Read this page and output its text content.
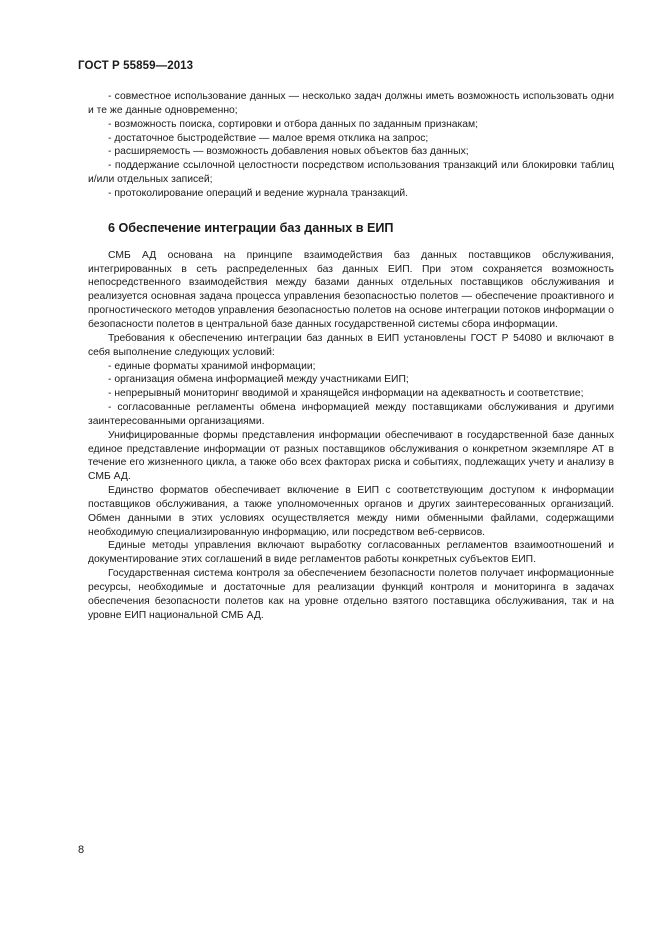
ГОСТ Р 55859—2013

- совместное использование данных — несколько задач должны иметь возможность использовать одни и те же данные одновременно;

- возможность поиска, сортировки и отбора данных по заданным признакам;

- достаточное быстродействие — малое время отклика на запрос;

- расширяемость — возможность добавления новых объектов баз данных;

- поддержание ссылочной целостности посредством использования транзакций или блокировки таблиц и/или отдельных записей;

- протоколирование операций и ведение журнала транзакций.

6 Обеспечение интеграции баз данных в ЕИП

СМБ АД основана на принципе взаимодействия баз данных поставщиков обслуживания, интегрированных в сеть распределенных баз данных ЕИП. При этом сохраняется возможность непосредственного взаимодействия между базами данных отдельных поставщиков обслуживания и реализуется основная задача процесса управления безопасностью полетов — обеспечение проактивного и прогностического методов управления безопасностью полетов на основе интеграции потоков информации о безопасности полетов в центральной базе данных государственной системы сбора информации.

Требования к обеспечению интеграции баз данных в ЕИП установлены ГОСТ Р 54080 и включают в себя выполнение следующих условий:

- единые форматы хранимой информации;

- организация обмена информацией между участниками ЕИП;

- непрерывный мониторинг вводимой и хранящейся информации на адекватность и соответствие;

- согласованные регламенты обмена информацией между поставщиками обслуживания и другими заинтересованными организациями.

Унифицированные формы представления информации обеспечивают в государственной базе данных единое представление информации от разных поставщиков обслуживания о конкретном экземпляре АТ в течение его жизненного цикла, а также обо всех факторах риска и событиях, подлежащих учету и анализу в СМБ АД.

Единство форматов обеспечивает включение в ЕИП с соответствующим доступом к информации поставщиков обслуживания, а также уполномоченных органов и других заинтересованных организаций. Обмен данными в этих условиях осуществляется между ними обменными файлами, содержащими необходимую специализированную информацию, или посредством веб-сервисов.

Единые методы управления включают выработку согласованных регламентов взаимоотношений и документирование этих соглашений в виде регламентов работы конкретных субъектов ЕИП.

Государственная система контроля за обеспечением безопасности полетов получает информационные ресурсы, необходимые и достаточные для реализации функций контроля и мониторинга в задачах обеспечения безопасности полетов как на уровне отдельно взятого поставщика обслуживания, так и на уровне ЕИП национальной СМБ АД.

8
